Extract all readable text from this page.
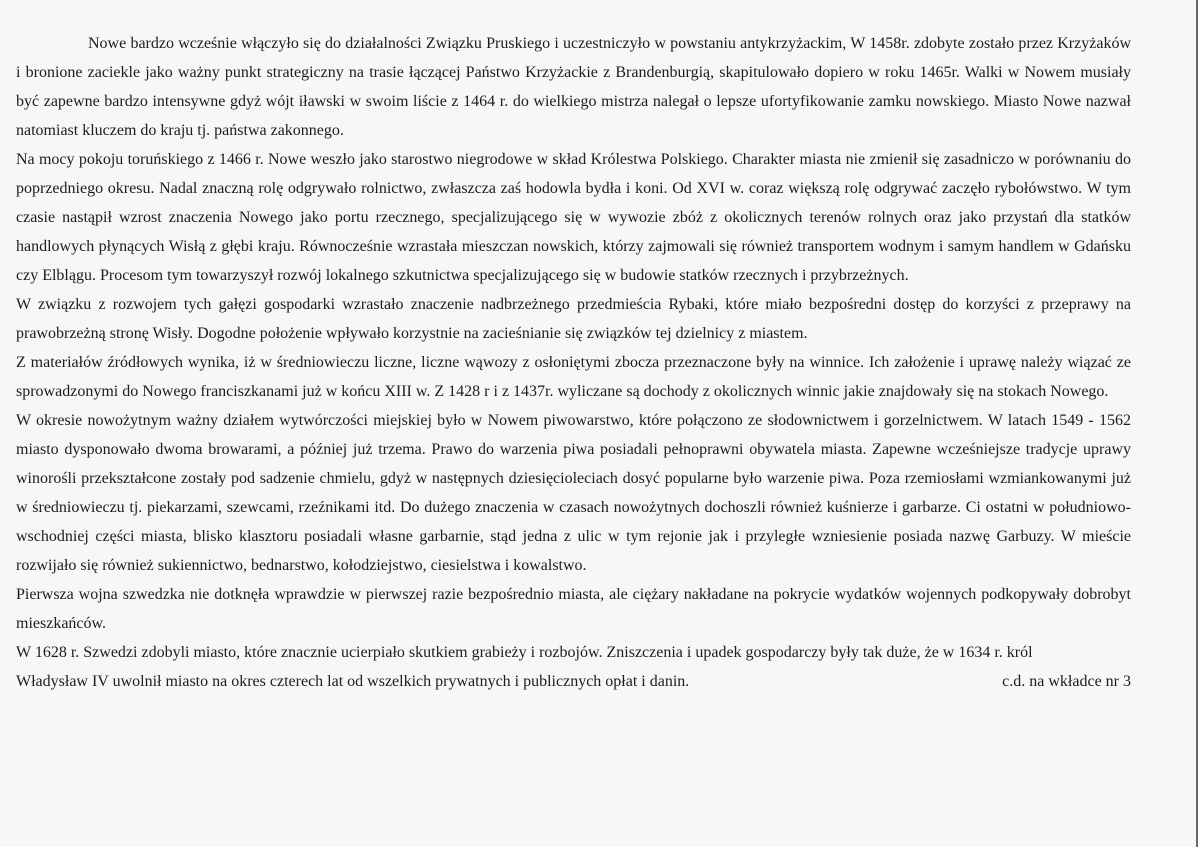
Nowe bardzo wcześnie włączyło się do działalności Związku Pruskiego i uczestniczyło w powstaniu antykrzyżackim, W 1458r. zdobyte zostało przez Krzyżaków i bronione zaciekle jako ważny punkt strategiczny na trasie łączącej Państwo Krzyżackie z Brandenburgią, skapitulowało dopiero w roku 1465r. Walki w Nowem musiały być zapewne bardzo intensywne gdyż wójt iławski w swoim liście z 1464 r. do wielkiego mistrza nalegał o lepsze ufortyfikowanie zamku nowskiego. Miasto Nowe nazwał natomiast kluczem do kraju tj. państwa zakonnego.

Na mocy pokoju toruńskiego z 1466 r. Nowe weszło jako starostwo niegrodowe w skład Królestwa Polskiego. Charakter miasta nie zmienił się zasadniczo w porównaniu do poprzedniego okresu. Nadal znaczną rolę odgrywało rolnictwo, zwłaszcza zaś hodowla bydła i koni. Od XVI w. coraz większą rolę odgrywać zaczęło rybołówstwo. W tym czasie nastąpił wzrost znaczenia Nowego jako portu rzecznego, specjalizującego się w wywozie zbóż z okolicznych terenów rolnych oraz jako przystań dla statków handlowych płynących Wisłą z głębi kraju. Równocześnie wzrastała mieszczan nowskich, którzy zajmowali się również transportem wodnym i samym handlem w Gdańsku czy Elblągu. Procesom tym towarzyszył rozwój lokalnego szkutnictwa specjalizującego się w budowie statków rzecznych i przybrzeżnych.

W związku z rozwojem tych gałęzi gospodarki wzrastało znaczenie nadbrzeżnego przedmieścia Rybaki, które miało bezpośredni dostęp do korzyści z przeprawy na prawobrzeżną stronę Wisły. Dogodne położenie wpływało korzystnie na zacieśnianie się związków tej dzielnicy z miastem.

Z materiałów źródłowych wynika, iż w średniowieczu liczne, liczne wąwozy z osłoniętymi zbocza przeznaczone były na winnice. Ich założenie i uprawę należy wiązać ze sprowadzonymi do Nowego franciszkanami już w końcu XIII w. Z 1428 r i z 1437r. wyliczane są dochody z okolicznych winnic jakie znajdowały się na stokach Nowego.

W okresie nowożytnym ważny działem wytwórczości miejskiej było w Nowem piwowarstwo, które połączono ze słodownictwem i gorzelnictwem. W latach 1549 - 1562 miasto dysponowało dwoma browarami, a później już trzema. Prawo do warzenia piwa posiadali pełnoprawni obywatela miasta. Zapewne wcześniejsze tradycje uprawy winorośli przekształcone zostały pod sadzenie chmielu, gdyż w następnych dziesięcioleciach dosyć popularne było warzenie piwa. Poza rzemiosłami wzmiankowanymi już w średniowieczu tj. piekarzami, szewcami, rzeźnikami itd. Do dużego znaczenia w czasach nowożytnych dochoszli również kuśnierze i garbarze. Ci ostatni w południowo-wschodniej części miasta, blisko klasztoru posiadali własne garbarnie, stąd jedna z ulic w tym rejonie jak i przyległe wzniesienie posiada nazwę Garbuzy. W mieście rozwijało się również sukiennictwo, bednarstwo, kołodziejstwo, ciesielstwa i kowalstwo.

Pierwsza wojna szwedzka nie dotknęła wprawdzie w pierwszej razie bezpośrednio miasta, ale ciężary nakładane na pokrycie wydatków wojennych podkopywały dobrobyt mieszkańców.

W 1628 r. Szwedzi zdobyli miasto, które znacznie ucierpiało skutkiem grabieży i rozbojów. Zniszczenia i upadek gospodarczy były tak duże, że w 1634 r. król

Władysław IV uwolnił miasto na okres czterech lat od wszelkich prywatnych i publicznych opłat i danin.	c.d. na wkładce nr 3
